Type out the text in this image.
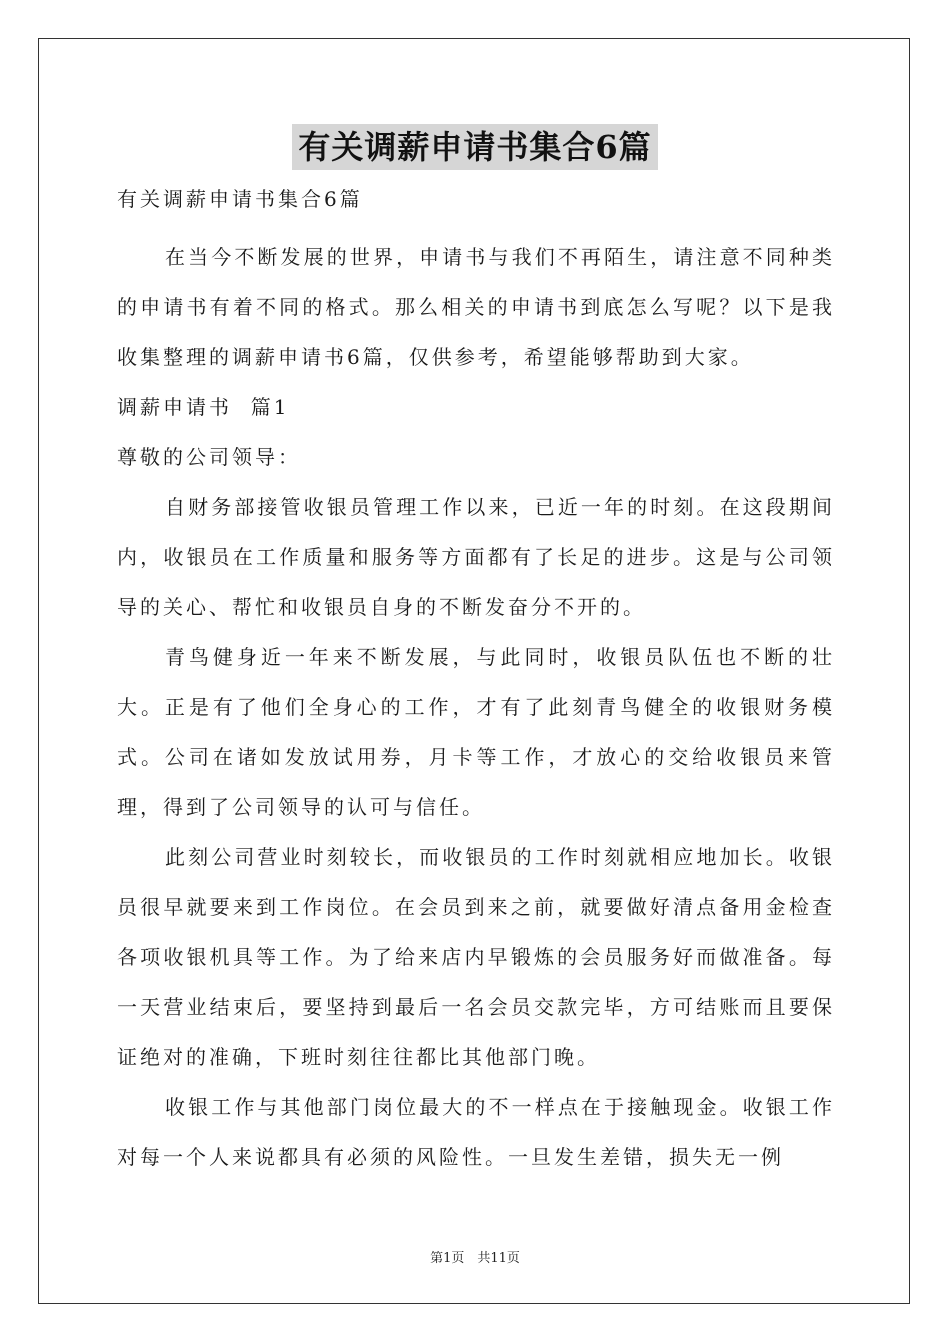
有关调薪申请书集合6篇

有关调薪申请书集合6篇

在当今不断发展的世界，申请书与我们不再陌生，请注意不同种类的申请书有着不同的格式。那么相关的申请书到底怎么写呢？以下是我收集整理的调薪申请书6篇，仅供参考，希望能够帮助到大家。

调薪申请书  篇1

尊敬的公司领导：

自财务部接管收银员管理工作以来，已近一年的时刻。在这段期间内，收银员在工作质量和服务等方面都有了长足的进步。这是与公司领导的关心、帮忙和收银员自身的不断发奋分不开的。

青鸟健身近一年来不断发展，与此同时，收银员队伍也不断的壮大。正是有了他们全身心的工作，才有了此刻青鸟健全的收银财务模式。公司在诸如发放试用券，月卡等工作，才放心的交给收银员来管理，得到了公司领导的认可与信任。

此刻公司营业时刻较长，而收银员的工作时刻就相应地加长。收银员很早就要来到工作岗位。在会员到来之前，就要做好清点备用金检查各项收银机具等工作。为了给来店内早锻炼的会员服务好而做准备。每一天营业结束后，要坚持到最后一名会员交款完毕，方可结账而且要保证绝对的准确，下班时刻往往都比其他部门晚。

收银工作与其他部门岗位最大的不一样点在于接触现金。收银工作对每一个人来说都具有必须的风险性。一旦发生差错，损失无一例

第1页　共11页
